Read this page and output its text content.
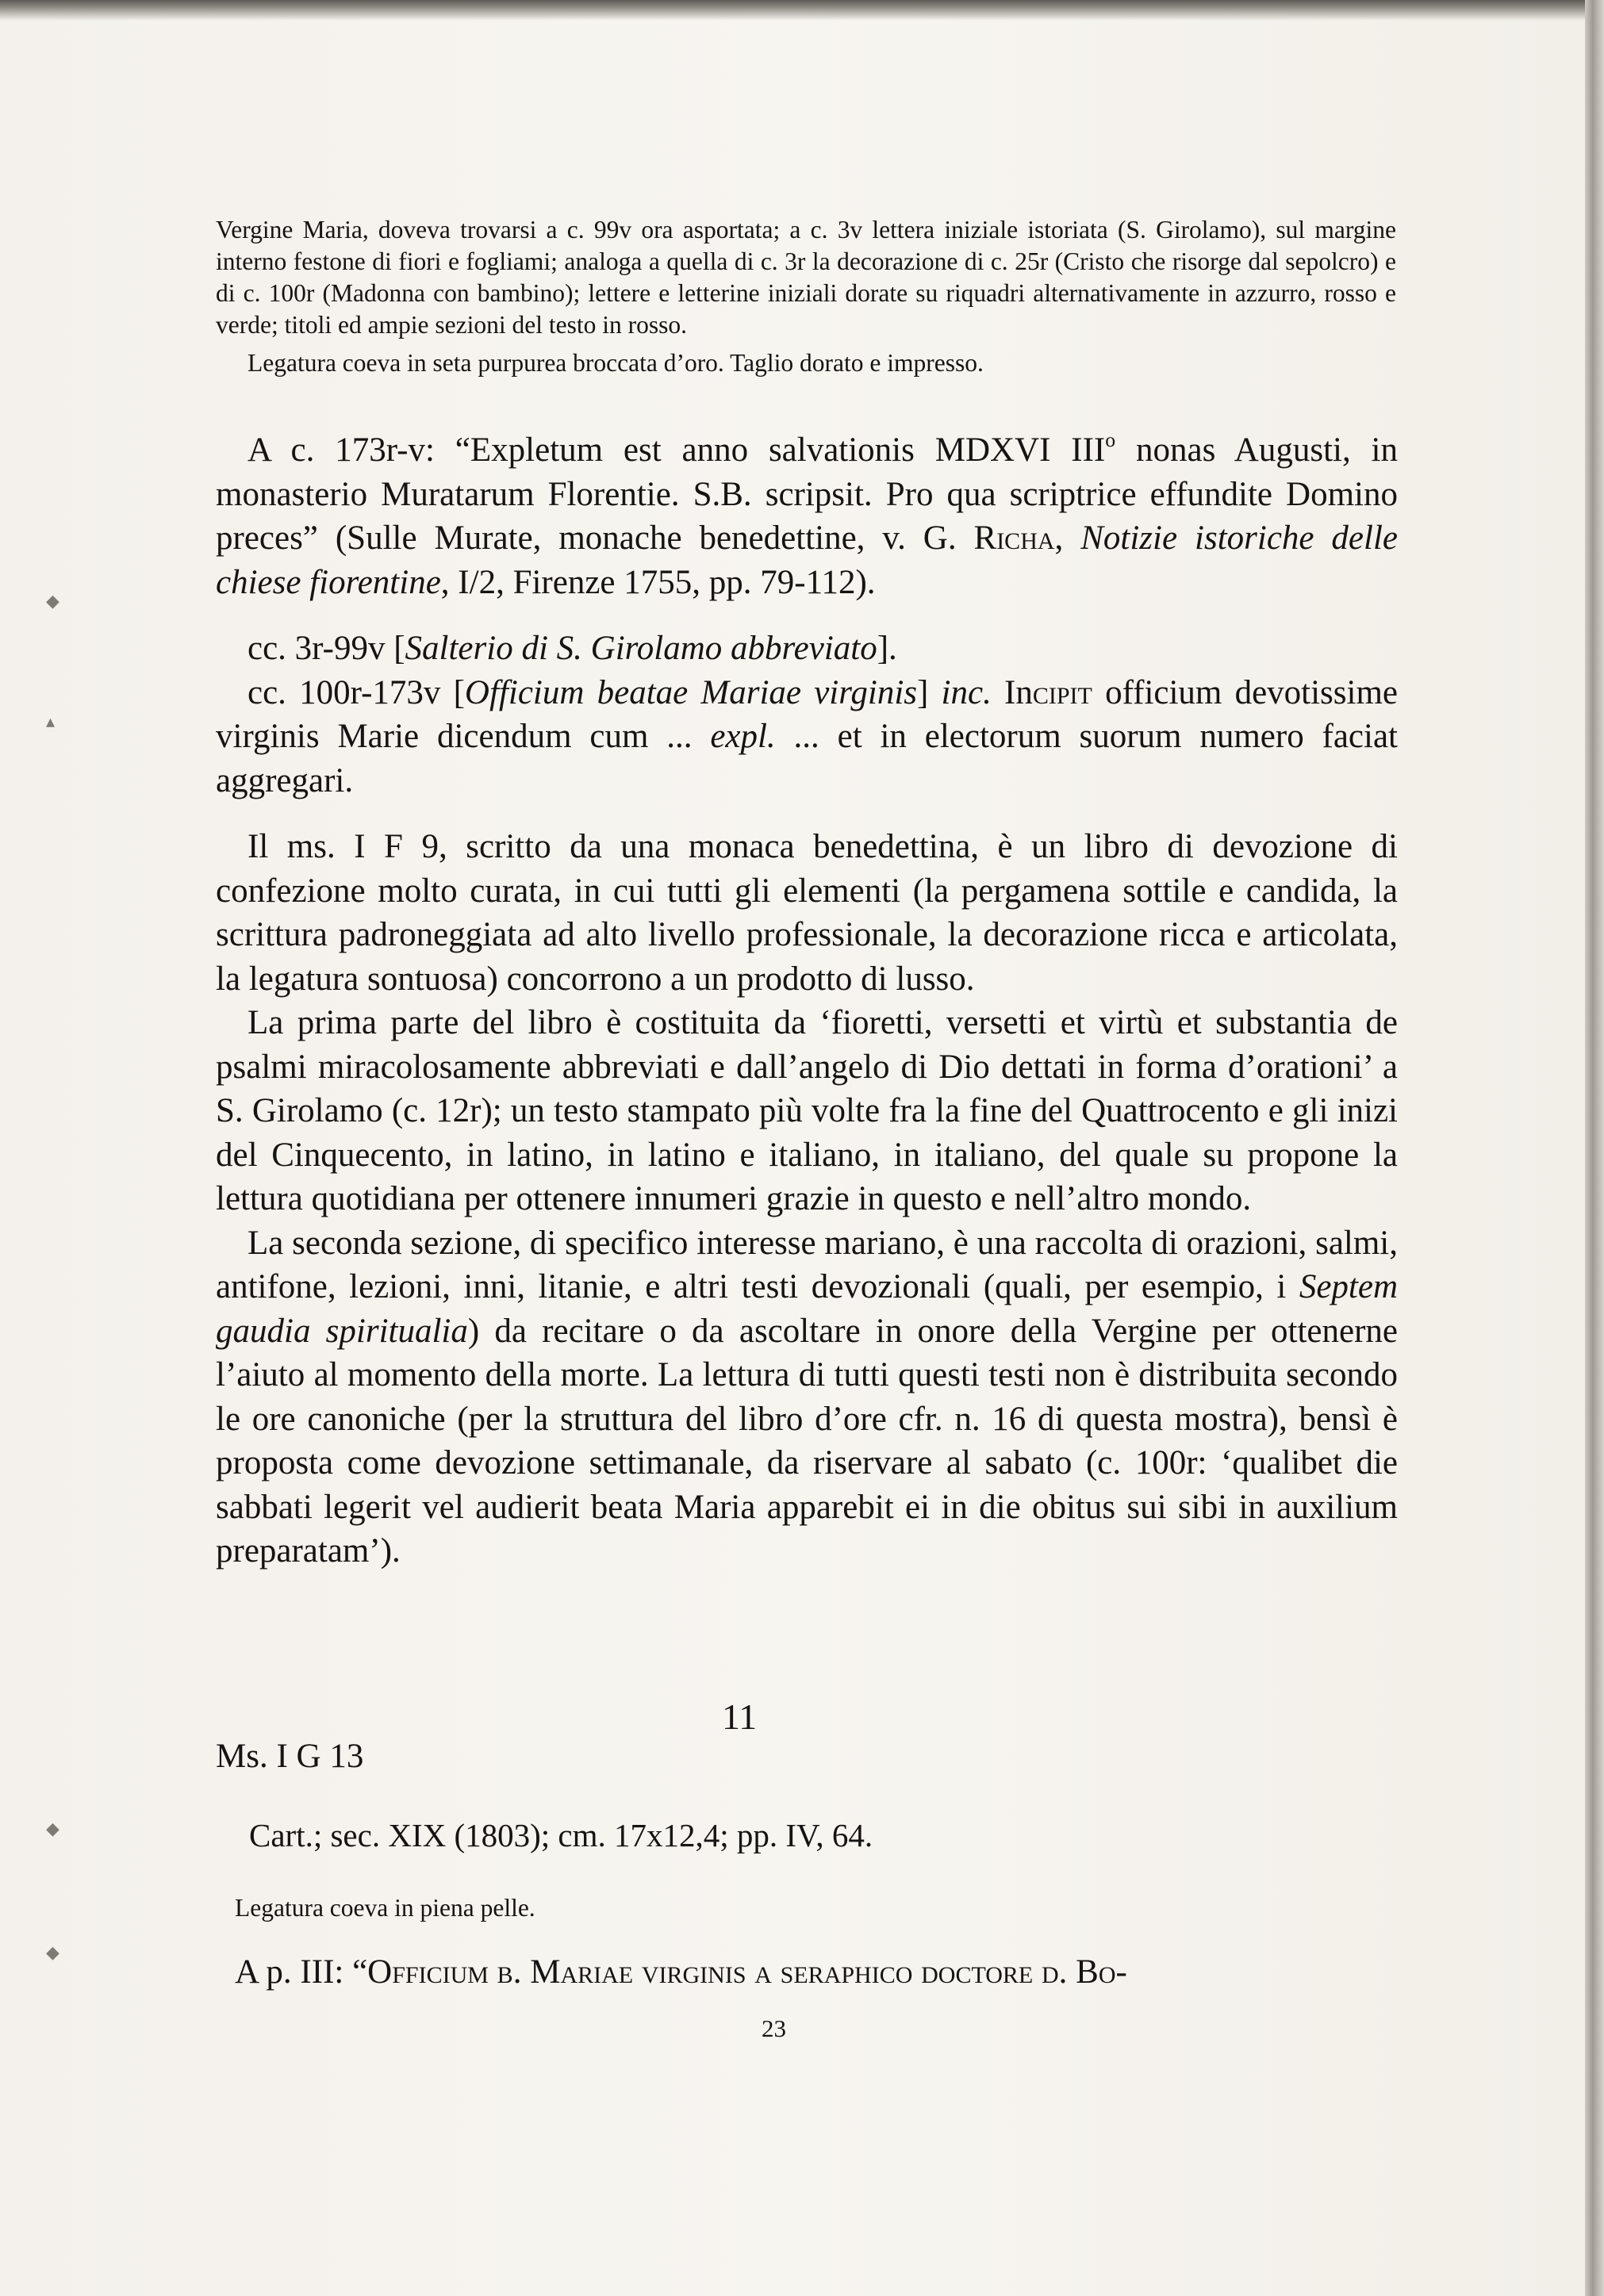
◆
▴
◆
◆

Vergine Maria, doveva trovarsi a c. 99v ora asportata; a c. 3v lettera iniziale istoriata (S. Girolamo), sul margine interno festone di fiori e fogliami; analoga a quella di c. 3r la decorazione di c. 25r (Cristo che risorge dal sepolcro) e di c. 100r (Madonna con bambino); lettere e letterine iniziali dorate su riquadri alternativamente in azzurro, rosso e verde; titoli ed ampie sezioni del testo in rosso.

Legatura coeva in seta purpurea broccata d’oro. Taglio dorato e impresso.

A c. 173r-v: “Expletum est anno salvationis MDXVI III$^o$ nonas Augusti, in monasterio Muratarum Florentie. S.B. scripsit. Pro qua scriptrice effundite Domino preces” (Sulle Murate, monache benedettine, v. G. Richa, Notizie istoriche delle chiese fiorentine, I/2, Firenze 1755, pp. 79-112).

cc. 3r-99v [Salterio di S. Girolamo abbreviato].

cc. 100r-173v [Officium beatae Mariae virginis] inc. Incipit officium devotissime virginis Marie dicendum cum ... expl. ... et in electorum suorum numero faciat aggregari.

Il ms. I F 9, scritto da una monaca benedettina, è un libro di devozione di confezione molto curata, in cui tutti gli elementi (la pergamena sottile e candida, la scrittura padroneggiata ad alto livello professionale, la decorazione ricca e articolata, la legatura sontuosa) concorrono a un prodotto di lusso.

La prima parte del libro è costituita da ‘fioretti, versetti et virtù et substantia de psalmi miracolosamente abbreviati e dall’angelo di Dio dettati in forma d’orationi’ a S. Girolamo (c. 12r); un testo stampato più volte fra la fine del Quattrocento e gli inizi del Cinquecento, in latino, in latino e italiano, in italiano, del quale su propone la lettura quotidiana per ottenere innumeri grazie in questo e nell’altro mondo.

La seconda sezione, di specifico interesse mariano, è una raccolta di orazioni, salmi, antifone, lezioni, inni, litanie, e altri testi devozionali (quali, per esempio, i Septem gaudia spiritualia) da recitare o da ascoltare in onore della Vergine per ottenerne l’aiuto al momento della morte. La lettura di tutti questi testi non è distribuita secondo le ore canoniche (per la struttura del libro d’ore cfr. n. 16 di questa mostra), bensì è proposta come devozione settimanale, da riservare al sabato (c. 100r: ‘qualibet die sabbati legerit vel audierit beata Maria apparebit ei in die obitus sui sibi in auxilium preparatam’).

11
Ms. I G 13
Cart.; sec. XIX (1803); cm. 17x12,4; pp. IV, 64.
Legatura coeva in piena pelle.
A p. III: “Officium b. Mariae virginis a seraphico doctore d. Bo-
23
